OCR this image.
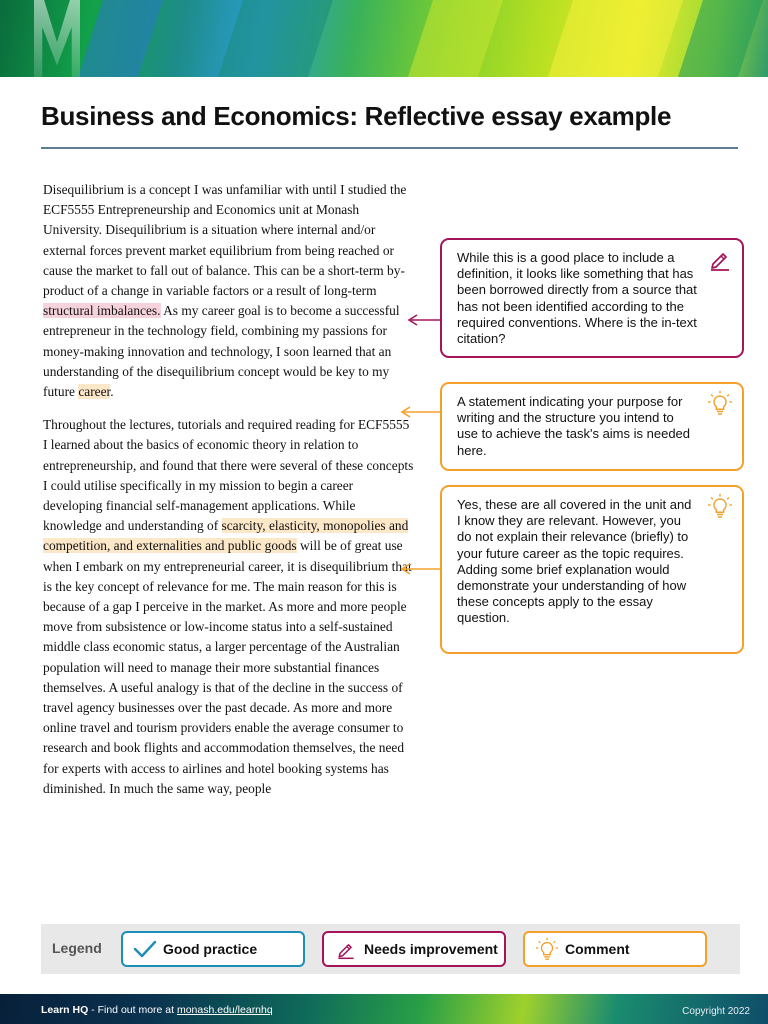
Business and Economics: Reflective essay example

Disequilibrium is a concept I was unfamiliar with until I studied the ECF5555 Entrepreneurship and Economics unit at Monash University. Disequilibrium is a situation where internal and/or external forces prevent market equilibrium from being reached or cause the market to fall out of balance. This can be a short-term by-product of a change in variable factors or a result of long-term structural imbalances. As my career goal is to become a successful entrepreneur in the technology field, combining my passions for money-making innovation and technology, I soon learned that an understanding of the disequilibrium concept would be key to my future career.

Throughout the lectures, tutorials and required reading for ECF5555 I learned about the basics of economic theory in relation to entrepreneurship, and found that there were several of these concepts I could utilise specifically in my mission to begin a career developing financial self-management applications. While knowledge and understanding of scarcity, elasticity, monopolies and competition, and externalities and public goods will be of great use when I embark on my entrepreneurial career, it is disequilibrium that is the key concept of relevance for me. The main reason for this is because of a gap I perceive in the market. As more and more people move from subsistence or low-income status into a self-sustained middle class economic status, a larger percentage of the Australian population will need to manage their more substantial finances themselves. A useful analogy is that of the decline in the success of travel agency businesses over the past decade. As more and more online travel and tourism providers enable the average consumer to research and book flights and accommodation themselves, the need for experts with access to airlines and hotel booking systems has diminished. In much the same way, people

While this is a good place to include a definition, it looks like something that has been borrowed directly from a source that has not been identified according to the required conventions. Where is the in-text citation?
A statement indicating your purpose for writing and the structure you intend to use to achieve the task's aims is needed here.
Yes, these are all covered in the unit and I know they are relevant. However, you do not explain their relevance (briefly) to your future career as the topic requires. Adding some brief explanation would demonstrate your understanding of how these concepts apply to the essay question.
Legend	Good practice	Needs improvement	Comment
Learn HQ - Find out more at monash.edu/learnhq	Copyright 2022
